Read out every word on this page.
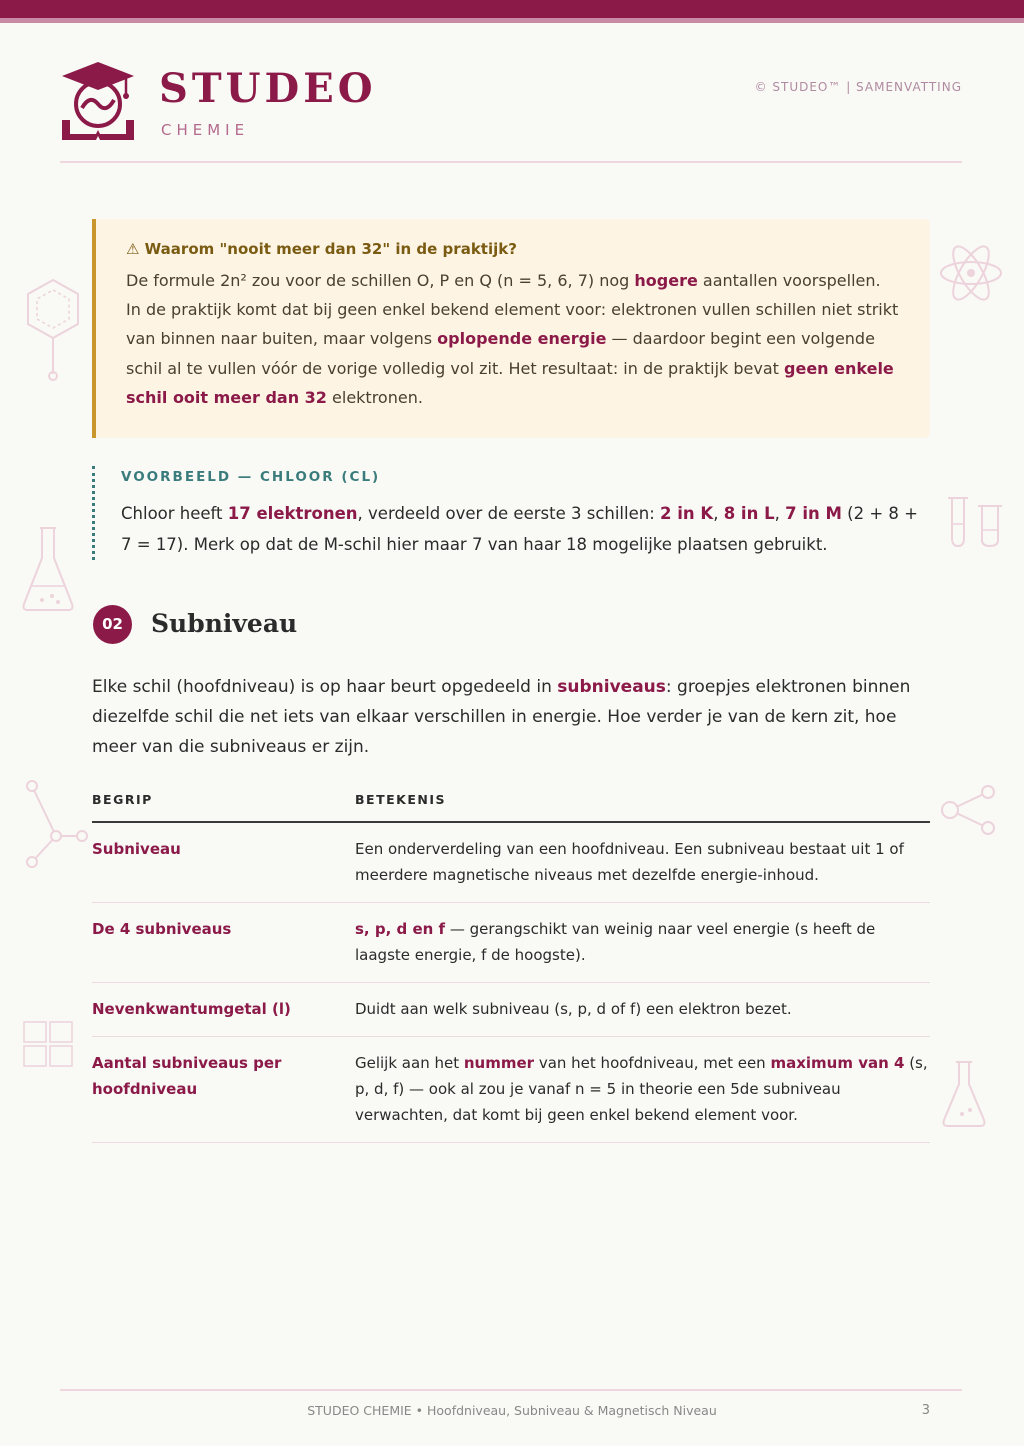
STUDEO
CHEMIE
© STUDEO™ | SAMENVATTING
⚠ Waarom "nooit meer dan 32" in de praktijk?
De formule 2n² zou voor de schillen O, P en Q (n = 5, 6, 7) nog hogere aantallen voorspellen. In de praktijk komt dat bij geen enkel bekend element voor: elektronen vullen schillen niet strikt van binnen naar buiten, maar volgens oplopende energie — daardoor begint een volgende schil al te vullen vóór de vorige volledig vol zit. Het resultaat: in de praktijk bevat geen enkele schil ooit meer dan 32 elektronen.
VOORBEELD — CHLOOR (CL)
Chloor heeft 17 elektronen, verdeeld over de eerste 3 schillen: 2 in K, 8 in L, 7 in M (2 + 8 + 7 = 17). Merk op dat de M-schil hier maar 7 van haar 18 mogelijke plaatsen gebruikt.
02	Subniveau
Elke schil (hoofdniveau) is op haar beurt opgedeeld in subniveaus: groepjes elektronen binnen diezelfde schil die net iets van elkaar verschillen in energie. Hoe verder je van de kern zit, hoe meer van die subniveaus er zijn.
BEGRIP	BETEKENIS
Subniveau	Een onderverdeling van een hoofdniveau. Een subniveau bestaat uit 1 of meerdere magnetische niveaus met dezelfde energie-inhoud.
De 4 subniveaus	s, p, d en f — gerangschikt van weinig naar veel energie (s heeft de laagste energie, f de hoogste).
Nevenkwantumgetal (l)	Duidt aan welk subniveau (s, p, d of f) een elektron bezet.
Aantal subniveaus per hoofdniveau	Gelijk aan het nummer van het hoofdniveau, met een maximum van 4 (s, p, d, f) — ook al zou je vanaf n = 5 in theorie een 5de subniveau verwachten, dat komt bij geen enkel bekend element voor.
STUDEO CHEMIE • Hoofdniveau, Subniveau & Magnetisch Niveau	3
